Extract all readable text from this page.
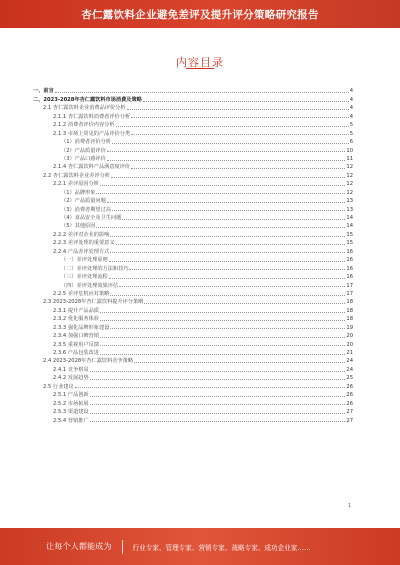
杏仁露饮料企业避免差评及提升评分策略研究报告
内容目录
一、前言	4
二、2023-2028年杏仁露饮料市场消费及策略	4
2.1 杏仁露饮料企业消费品评价分析	4
2.1.1 杏仁露饮料消费者评价分析	4
2.1.2 消费者评价内容分析	5
2.1.3 市场上常见的产品评价分类	5
（1）消费者评价分析	6
（2）产品质量评价	10
（3）产品口感评价	11
2.1.4 杏仁露饮料产品满意度评价	12
2.2 杏仁露饮料企业差评分析	12
2.2.1 差评原因分析	12
（1）品牌形象	12
（2）产品质量问题	13
（3）消费者期望过高	13
（4）食品安全及卫生问题	14
（5）其他原因	14
2.2.2 差评对企业的影响	15
2.2.3 差评处理的重要意义	15
2.2.4 产品差评处理方式	16
（一）差评处理原则	16
（二）差评处理的方法和技巧	16
（三）差评处理流程	16
（四）差评处理效果评估	17
2.2.5 差评危机应对策略	17
2.3 2023-2028年杏仁露饮料提升评分策略	18
2.3.1 提升产品品质	18
2.3.2 优化服务体验	18
2.3.3 强化品牌形象建设	19
2.3.4 加强口碑营销	20
2.3.5 重视用户反馈	20
2.3.6 产品包装改进	21
2.4 2023-2028年杏仁露饮料竞争策略	24
2.4.1 竞争格局	24
2.4.2 发展趋势	25
2.5 行业建议	26
2.5.1 产品创新	26
2.5.2 市场拓展	26
2.5.3 渠道建设	27
2.5.4 营销推广	27
1
让每个人都能成为	行业专家、管理专家、营销专家、战略专家、成功企业家……
